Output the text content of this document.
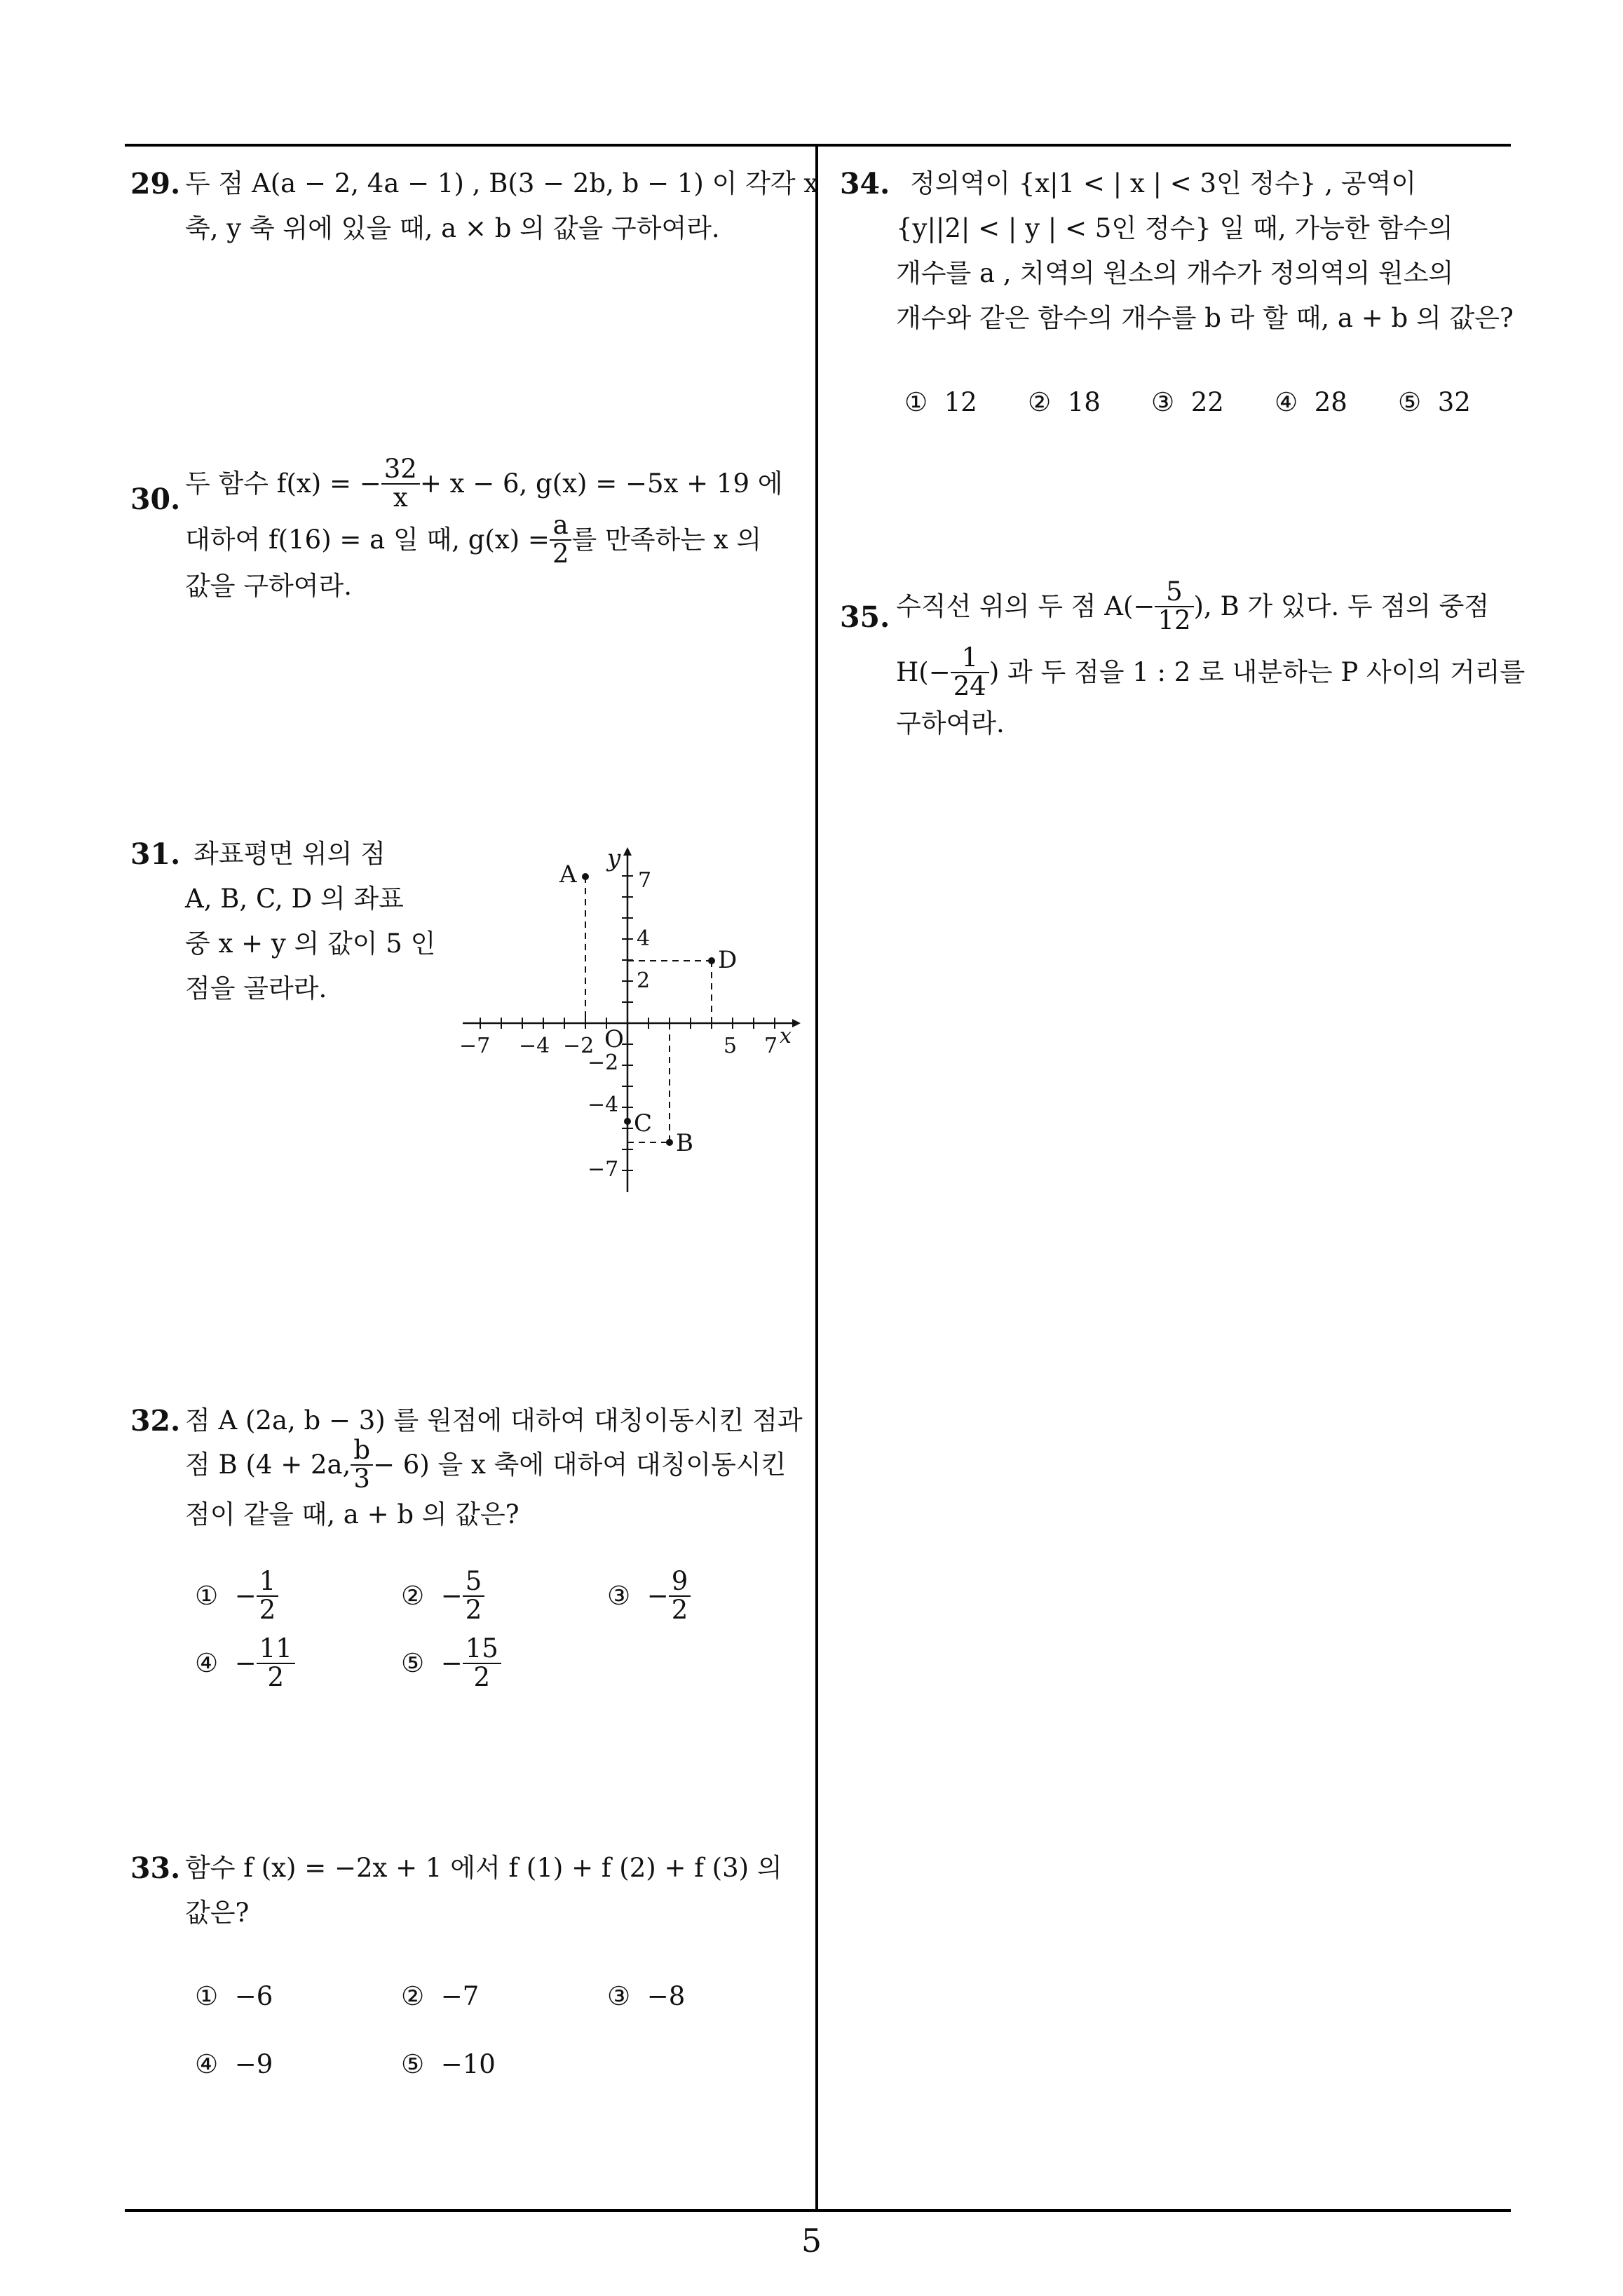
29. 두 점 A(a − 2, 4a − 1) , B(3 − 2b, b − 1) 이 각각 x
축, y 축 위에 있을 때, a × b 의 값을 구하여라.
30. 두 함수 f(x) = − $\frac{32}{x} + x - 6$, g(x) = −5x + 19 에
대하여 f(16) = a 일 때, $g(x) = \frac{a}{2}$ 를 만족하는 x 의
값을 구하여라.
31. 좌표평면 위의 점
A, B, C, D 의 좌표
중 x + y 의 값이 5 인
점을 골라라.
A
D
C
B
y
x
O
−7 −4 −2	5 7
7
4
2
−2
−4
−7
32. 점 A (2a, b − 3) 를 원점에 대하여 대칭이동시킨 점과
점 B (4 + 2a, $\frac{b}{3} - 6$) 을 x 축에 대하여 대칭이동시킨
점이 같을 때, a + b 의 값은?
①
− $\frac{1}{2}$	②
− $\frac{5}{2}$	③
− $\frac{9}{2}$
④
− $\frac{11}{2}$	⑤
− $\frac{15}{2}$
33. 함수 f (x) = −2x + 1 에서 f (1) + f (2) + f (3) 의
값은?
① −6	② −7	③ −8
④ −9	⑤ −10
34. 정의역이 {x|1 < | x | < 3인 정수} , 공역이
{y||2| < | y | < 5인 정수} 일 때, 가능한 함수의
개수를 a , 치역의 원소의 개수가 정의역의 원소의
개수와 같은 함수의 개수를 b 라 할 때, a + b 의 값은?
① 12 ② 18 ③ 22 ④ 28 ⑤ 32
35. 수직선 위의 두 점 $A(- \frac{5}{12}$ ), B 가 있다. 두 점의 중점
$H(- \frac{1}{24}$ ) 과 두 점을 1 : 2 로 내분하는 P 사이의 거리를
구하여라.
5
